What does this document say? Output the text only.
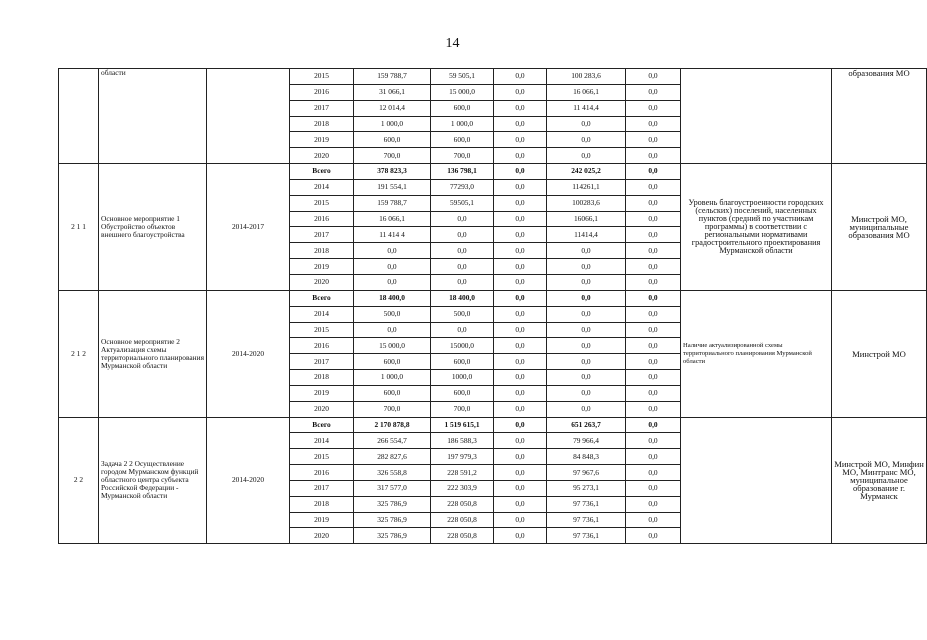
14
	области		2015	159 788,7	59 505,1	0,0	100 283,6	0,0		образования МО
			2016	31 066,1	15 000,0	0,0	16 066,1	0,0		
			2017	12 014,4	600,0	0,0	11 414,4	0,0		
			2018	1 000,0	1 000,0	0,0	0,0	0,0		
			2019	600,0	600,0	0,0	0,0	0,0		
			2020	700,0	700,0	0,0	0,0	0,0		
2 1 1	Основное мероприятие 1 Обустройство объектов внешнего благоустройства	2014-2017	Всего	378 823,3	136 798,1	0,0	242 025,2	0,0	Уровень благоустроенности городских (сельских) поселений, населенных пунктов (средний по участникам программы) в соответствии с региональными нормативами градостроительного проектирования Мурманской области	Минстрой МО, муниципальные образования МО
			2014	191 554,1	77293,0	0,0	114261,1	0,0		
			2015	159 788,7	59505,1	0,0	100283,6	0,0		
			2016	16 066,1	0,0	0,0	16066,1	0,0		
			2017	11 414 4	0,0	0,0	11414,4	0,0		
			2018	0,0	0,0	0,0	0,0	0,0		
			2019	0,0	0,0	0,0	0,0	0,0		
			2020	0,0	0,0	0,0	0,0	0,0		
2 1 2	Основное мероприятие 2 Актуализация схемы территориального планирования Мурманской области	2014-2020	Всего	18 400,0	18 400,0	0,0	0,0	0,0	Наличие актуализированной схемы территориального планирования Мурманской области	Минстрой МО
			2014	500,0	500,0	0,0	0,0	0,0		
			2015	0,0	0,0	0,0	0,0	0,0		
			2016	15 000,0	15000,0	0,0	0,0	0,0		
			2017	600,0	600,0	0,0	0,0	0,0		
			2018	1 000,0	1000,0	0,0	0,0	0,0		
			2019	600,0	600,0	0,0	0,0	0,0		
			2020	700,0	700,0	0,0	0,0	0,0		
2 2	Задача 2 2 Осуществление городом Мурманском функций областного центра субъекта Российской Федерации - Мурманской области	2014-2020	Всего	2 170 878,8	1 519 615,1	0,0	651 263,7	0,0		Минстрой МО, Минфин МО, Минтранс МО, муниципальное образование г. Мурманск
			2014	266 554,7	186 588,3	0,0	79 966,4	0,0		
			2015	282 827,6	197 979,3	0,0	84 848,3	0,0		
			2016	326 558,8	228 591,2	0,0	97 967,6	0,0		
			2017	317 577,0	222 303,9	0,0	95 273,1	0,0		
			2018	325 786,9	228 050,8	0,0	97 736,1	0,0		
			2019	325 786,9	228 050,8	0,0	97 736,1	0,0		
			2020	325 786,9	228 050,8	0,0	97 736,1	0,0		
